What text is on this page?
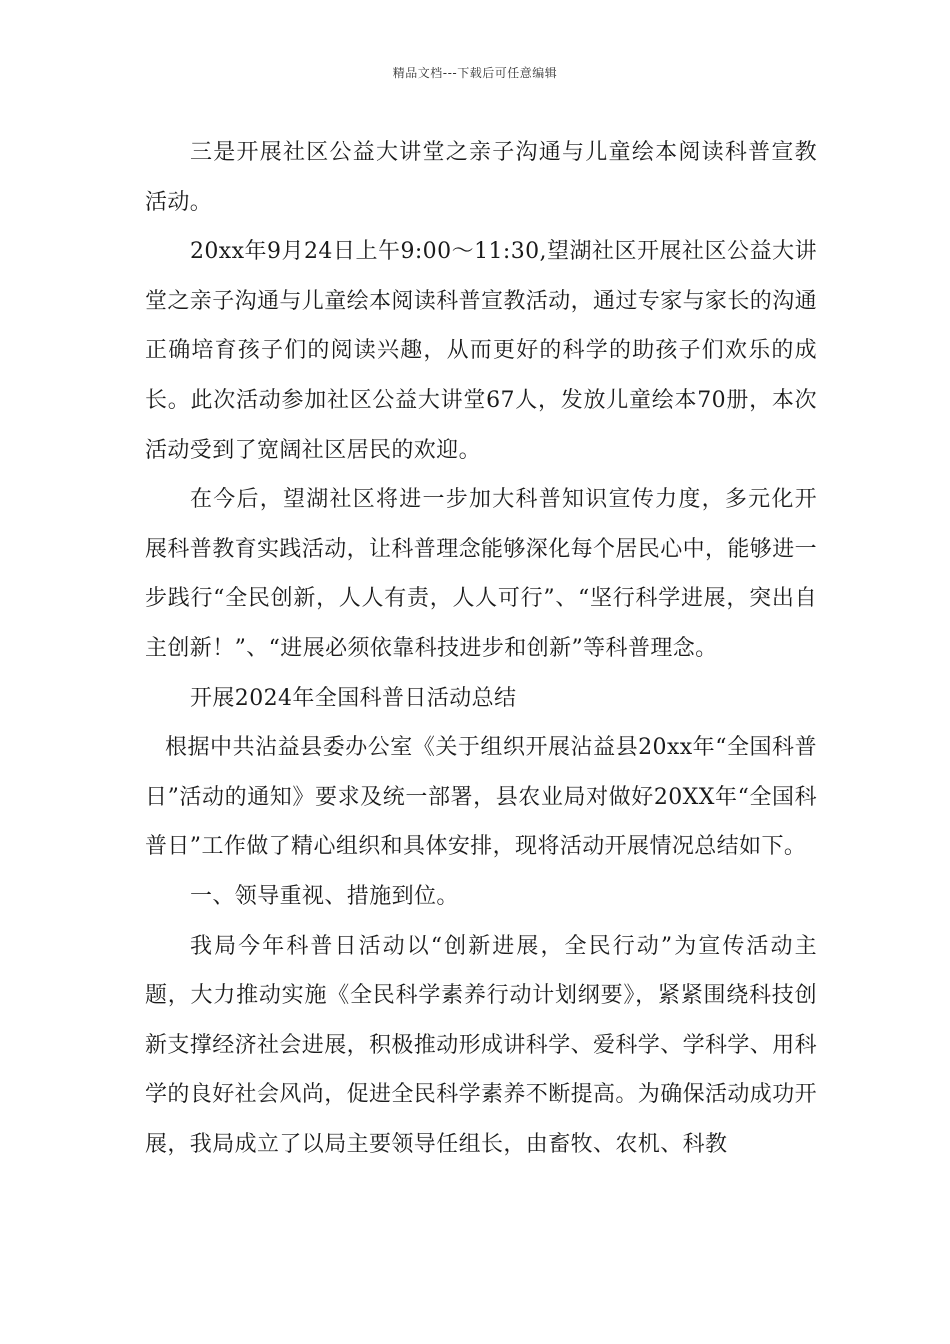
精品文档---下载后可任意编辑

三是开展社区公益大讲堂之亲子沟通与儿童绘本阅读科普宣教活动。

20xx年9月24日上午9:00～11:30,望湖社区开展社区公益大讲堂之亲子沟通与儿童绘本阅读科普宣教活动，通过专家与家长的沟通正确培育孩子们的阅读兴趣，从而更好的科学的助孩子们欢乐的成长。此次活动参加社区公益大讲堂67人，发放儿童绘本70册，本次活动受到了宽阔社区居民的欢迎。

在今后，望湖社区将进一步加大科普知识宣传力度，多元化开展科普教育实践活动，让科普理念能够深化每个居民心中，能够进一步践行“全民创新，人人有责，人人可行”、“坚行科学进展，突出自主创新！”、“进展必须依靠科技进步和创新”等科普理念。

开展2024年全国科普日活动总结

根据中共沾益县委办公室《关于组织开展沾益县20xx年“全国科普日”活动的通知》要求及统一部署，县农业局对做好20XX年“全国科普日”工作做了精心组织和具体安排，现将活动开展情况总结如下。

一、领导重视、措施到位。

我局今年科普日活动以“创新进展，全民行动”为宣传活动主题，大力推动实施《全民科学素养行动计划纲要》，紧紧围绕科技创新支撑经济社会进展，积极推动形成讲科学、爱科学、学科学、用科学的良好社会风尚，促进全民科学素养不断提高。为确保活动成功开展，我局成立了以局主要领导任组长，由畜牧、农机、科教
